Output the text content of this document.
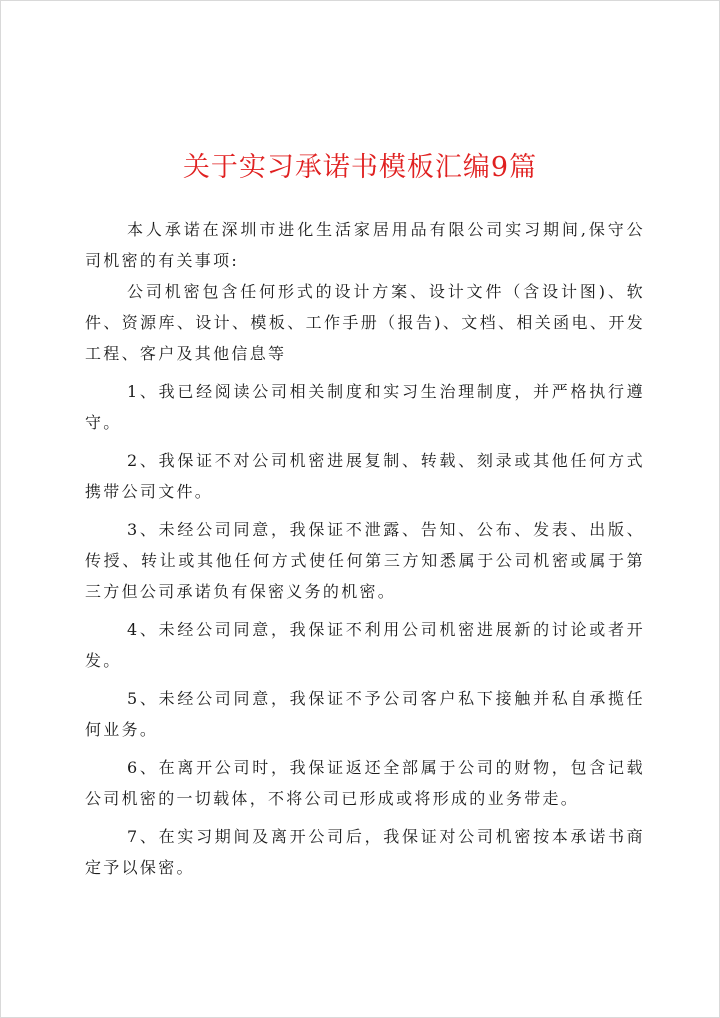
关于实习承诺书模板汇编9篇

本人承诺在深圳市进化生活家居用品有限公司实习期间,保守公司机密的有关事项:

公司机密包含任何形式的设计方案、设计文件（含设计图)、软件、资源库、设计、模板、工作手册（报告)、文档、相关函电、开发工程、客户及其他信息等

1、我已经阅读公司相关制度和实习生治理制度，并严格执行遵守。

2、我保证不对公司机密进展复制、转载、刻录或其他任何方式携带公司文件。

3、未经公司同意，我保证不泄露、告知、公布、发表、出版、传授、转让或其他任何方式使任何第三方知悉属于公司机密或属于第三方但公司承诺负有保密义务的机密。

4、未经公司同意，我保证不利用公司机密进展新的讨论或者开发。

5、未经公司同意，我保证不予公司客户私下接触并私自承揽任何业务。

6、在离开公司时，我保证返还全部属于公司的财物，包含记载公司机密的一切载体，不将公司已形成或将形成的业务带走。

7、在实习期间及离开公司后，我保证对公司机密按本承诺书商定予以保密。
